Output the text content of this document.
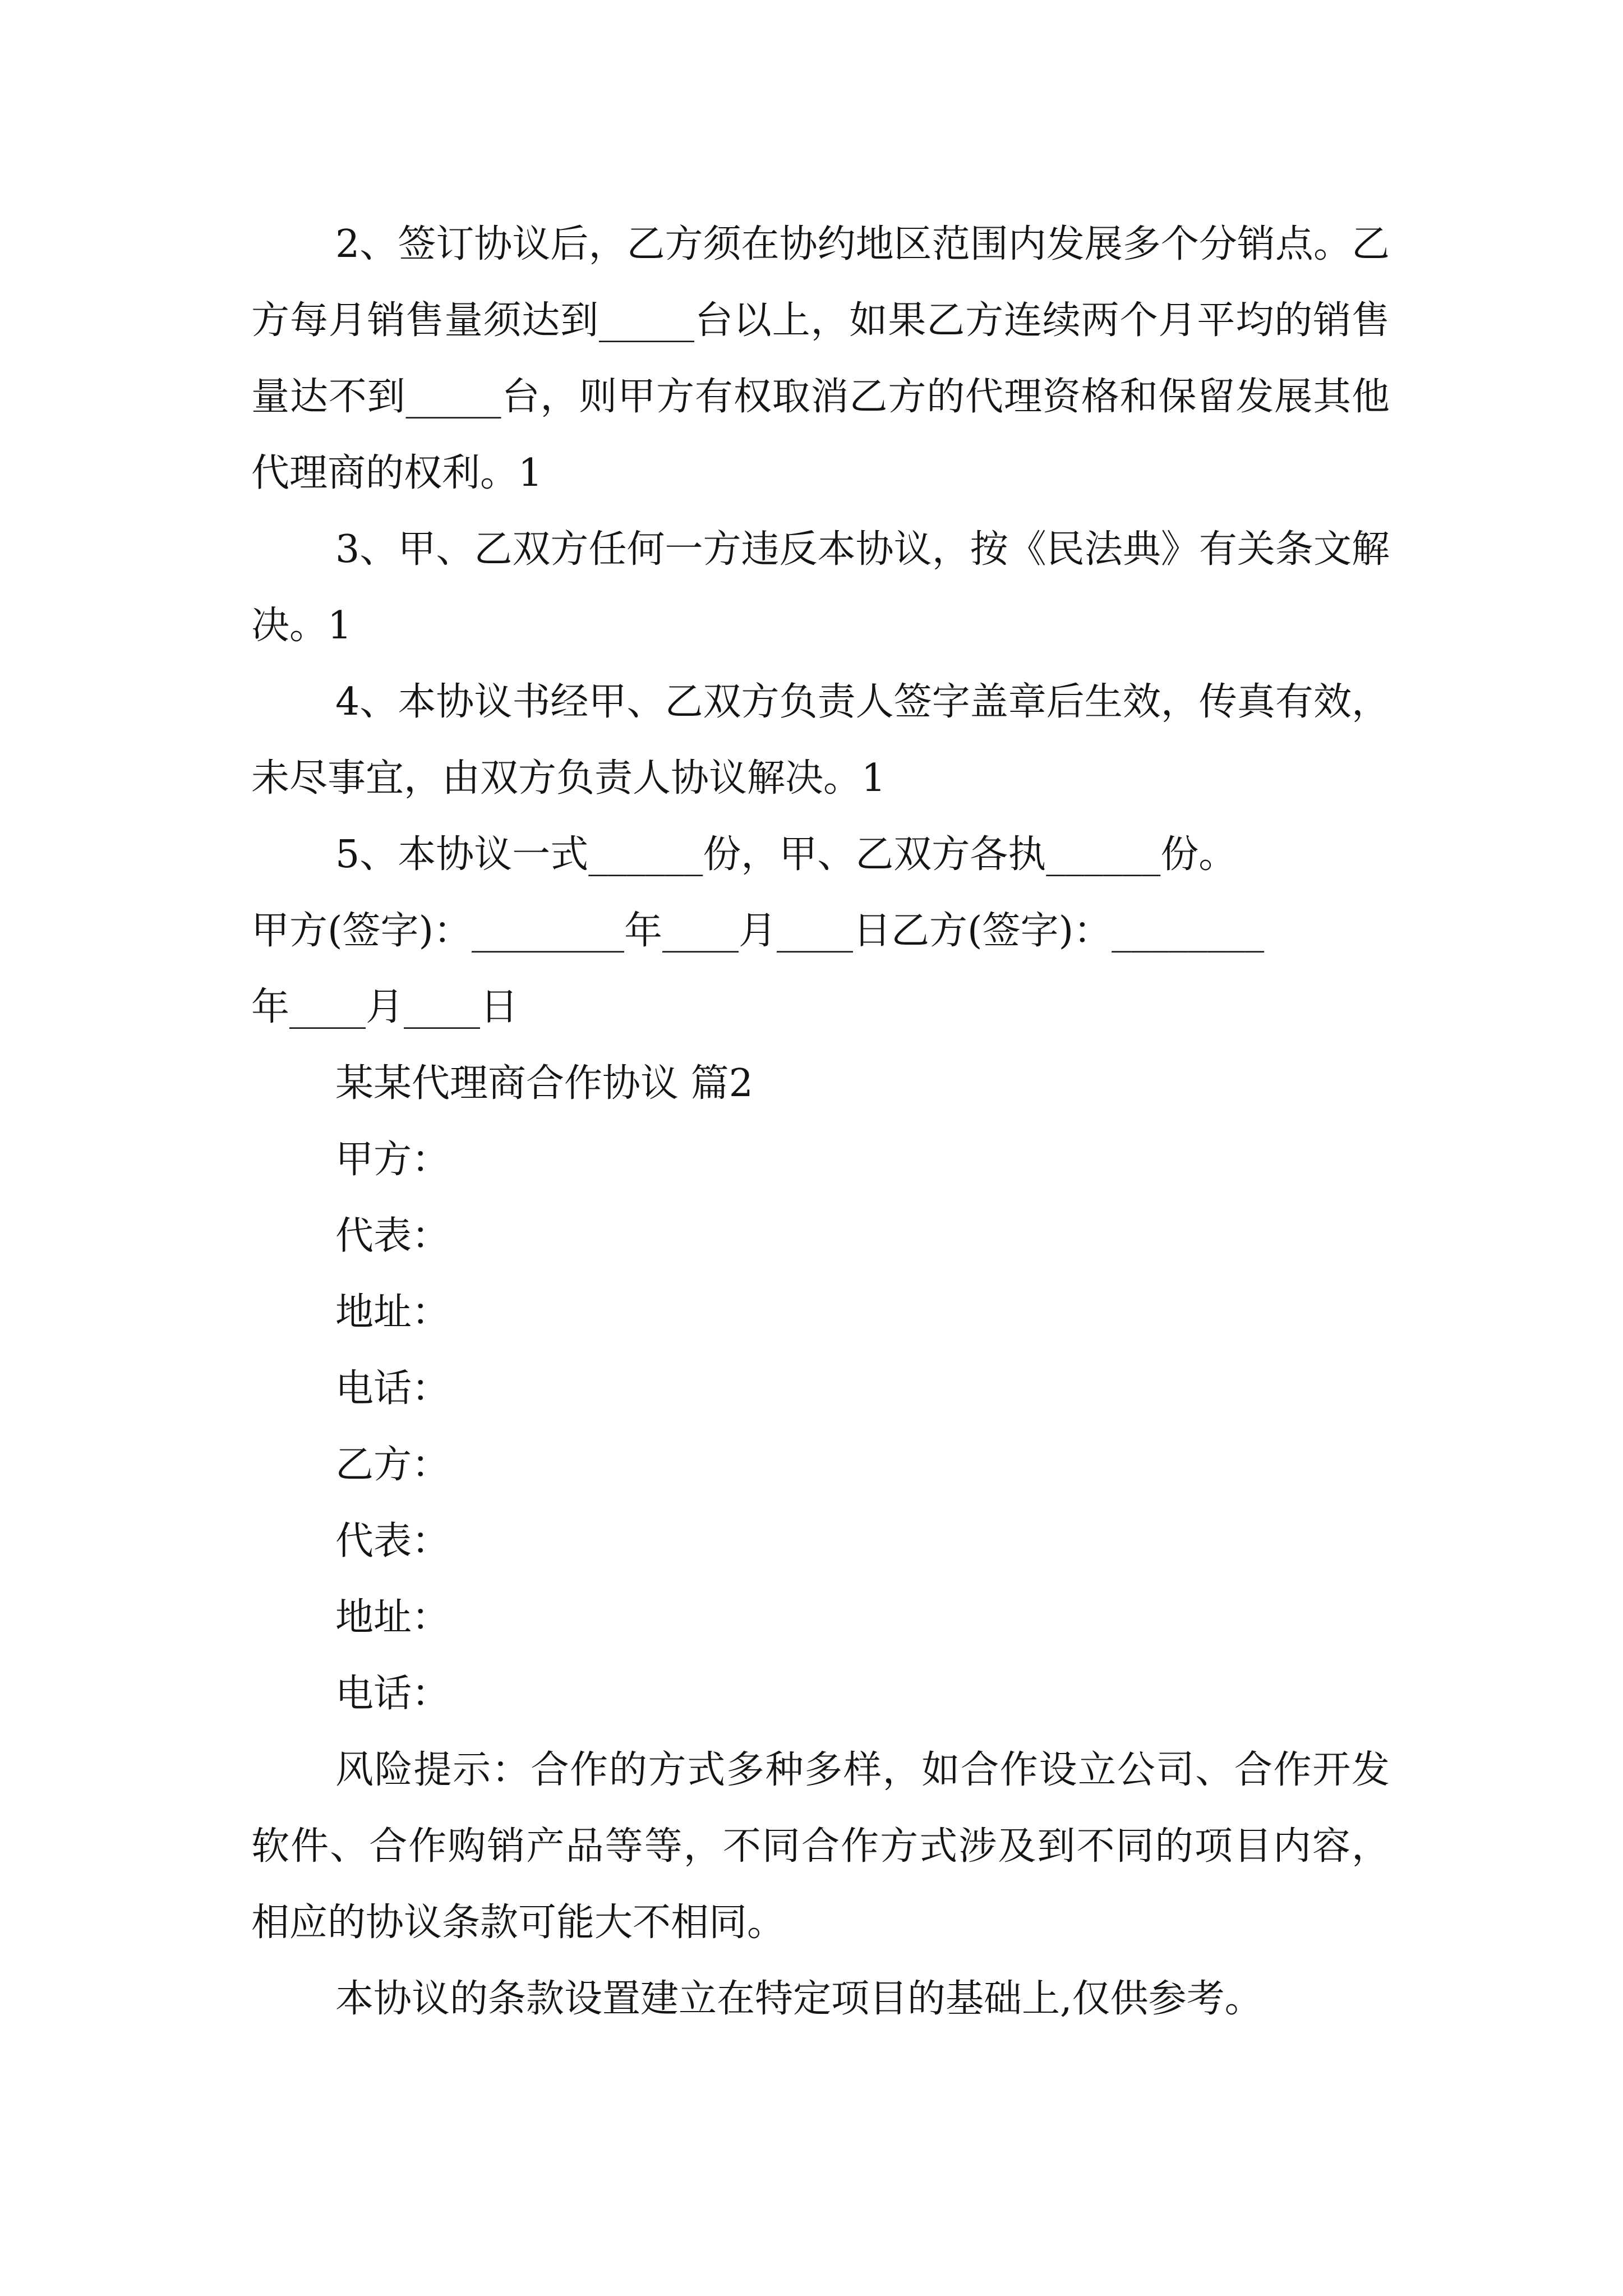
2、签订协议后，乙方须在协约地区范围内发展多个分销点。乙方每月销售量须达到_____台以上，如果乙方连续两个月平均的销售量达不到_____台，则甲方有权取消乙方的代理资格和保留发展其他代理商的权利。1

3、甲、乙双方任何一方违反本协议，按《民法典》有关条文解决。1

4、本协议书经甲、乙双方负责人签字盖章后生效，传真有效，未尽事宜，由双方负责人协议解决。1

5、本协议一式______份，甲、乙双方各执______份。

甲方(签字)：________年____月____日乙方(签字)：________

年____月____日

某某代理商合作协议 篇2

甲方：

代表：

地址：

电话：

乙方：

代表：

地址：

电话：

风险提示：合作的方式多种多样，如合作设立公司、合作开发软件、合作购销产品等等，不同合作方式涉及到不同的项目内容，相应的协议条款可能大不相同。

本协议的条款设置建立在特定项目的基础上,仅供参考。
